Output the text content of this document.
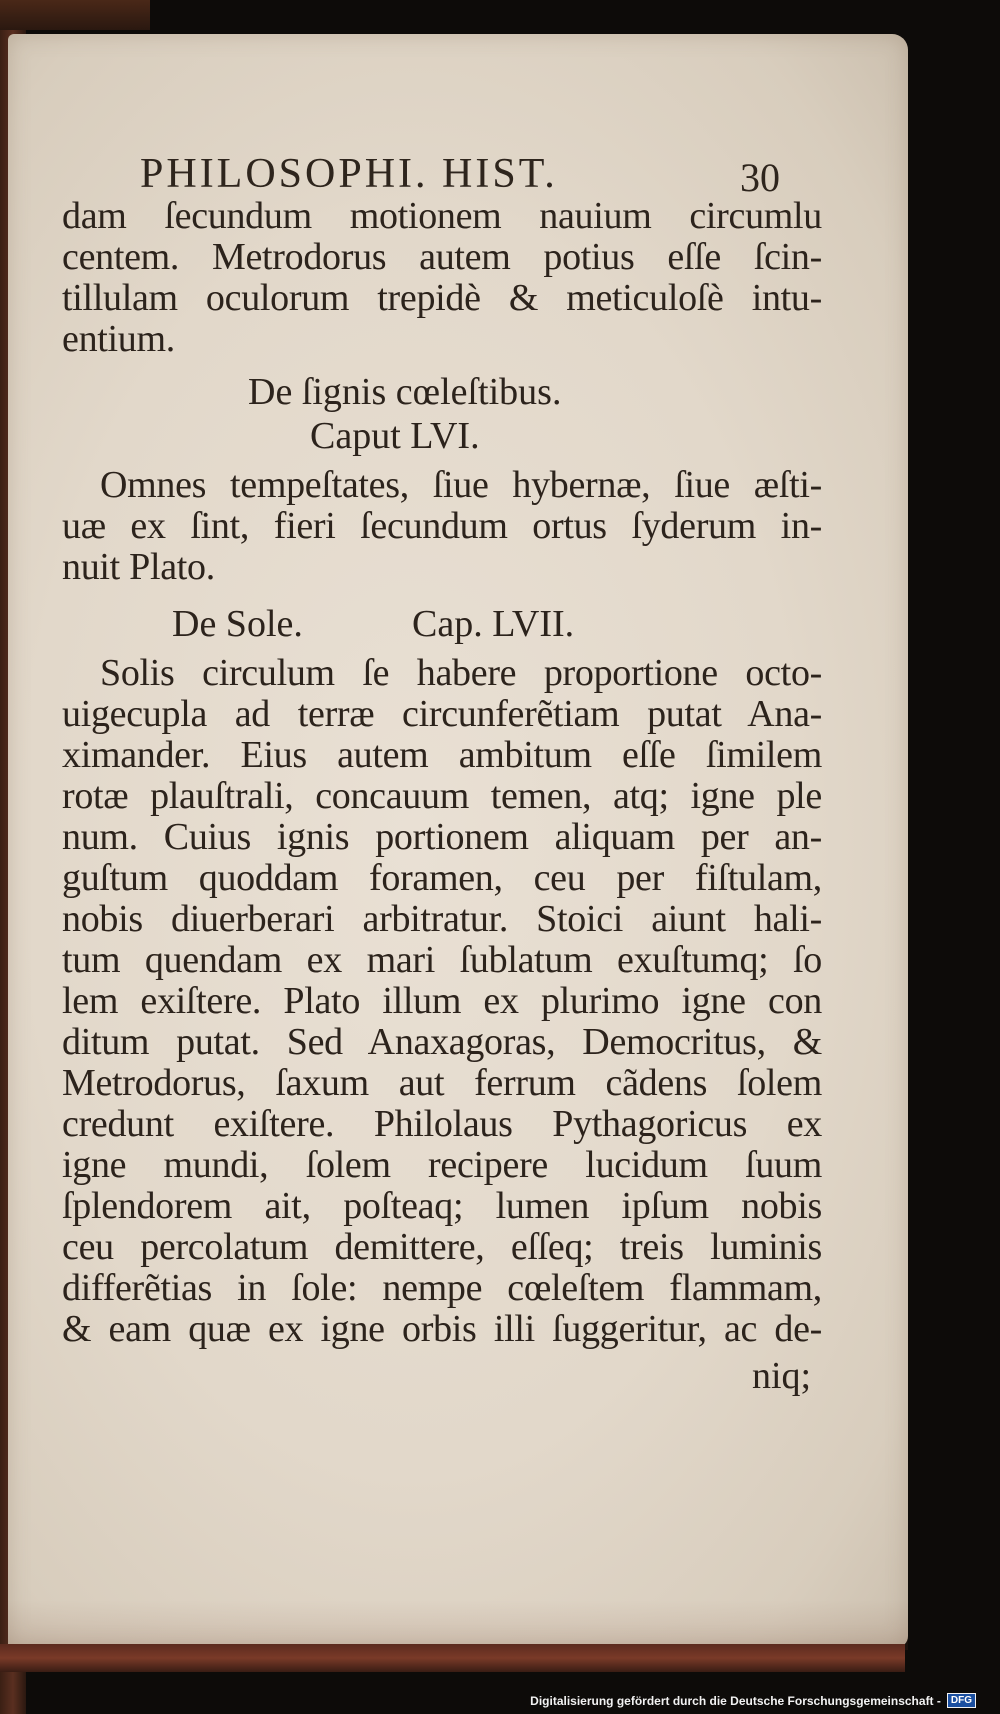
PHILOSOPHI. HIST.	30
dam ſecundum motionem nauium circumlu
centem. Metrodorus autem potius eſſe ſcin-
tillulam oculorum trepidè & meticuloſè intu-
entium.
De ſignis cœleſtibus.
Caput LVI.
Omnes tempeſtates, ſiue hybernæ, ſiue æſti-
uæ ex ſint, fieri ſecundum ortus ſyderum in-
nuit Plato.
De Sole.	Cap. LVII.
Solis circulum ſe habere proportione octo-
uigecupla ad terræ circunferẽtiam putat Ana-
ximander. Eius autem ambitum eſſe ſimilem
rotæ plauſtrali, concauum temen, atq; igne ple
num. Cuius ignis portionem aliquam per an-
guſtum quoddam foramen, ceu per fiſtulam,
nobis diuerberari arbitratur. Stoici aiunt hali-
tum quendam ex mari ſublatum exuſtumq; ſo
lem exiſtere. Plato illum ex plurimo igne con
ditum putat. Sed Anaxagoras, Democritus, &
Metrodorus, ſaxum aut ferrum cãdens ſolem
credunt exiſtere. Philolaus Pythagoricus ex
igne mundi, ſolem recipere lucidum ſuum
ſplendorem ait, poſteaq; lumen ipſum nobis
ceu percolatum demittere, eſſeq; treis luminis
differẽtias in ſole: nempe cœleſtem flammam,
& eam quæ ex igne orbis illi ſuggeritur, ac de-
niq;
Digitalisierung gefördert durch die Deutsche Forschungsgemeinschaft -	DFG
